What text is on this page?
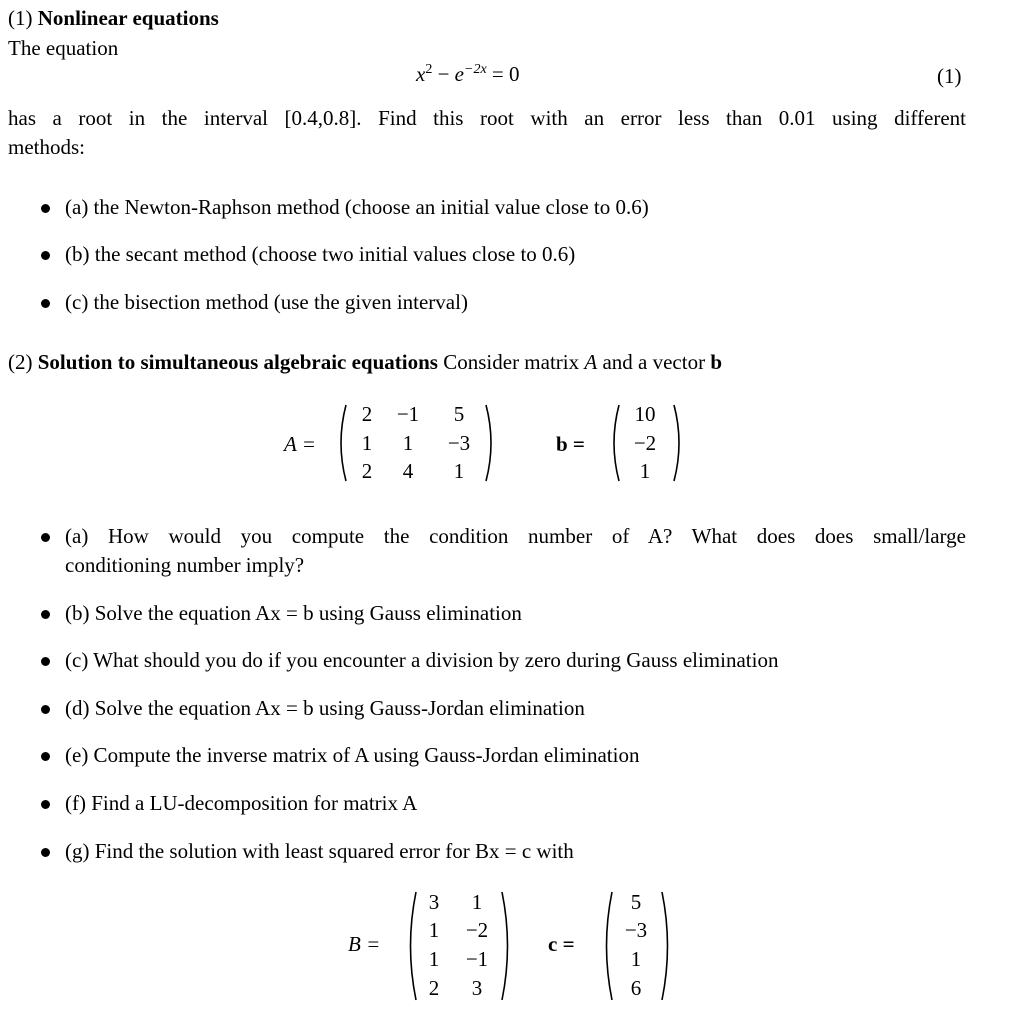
(1) Nonlinear equations
The equation
$x^2 - e^{-2x} = 0$	(1)
has a root in the interval [0.4,0.8]. Find this root with an error less than 0.01 using different
methods:
(a) the Newton-Raphson method (choose an initial value close to 0.6)
(b) the secant method (choose two initial values close to 0.6)
(c) the bisection method (use the given interval)
(2) Solution to simultaneous algebraic equations Consider matrix A and a vector b
A =
2	−1	5
1	1	−3
2	4	1
b =
10
−2
1
(a) How would you compute the condition number of A? What does does small/large
conditioning number imply?
(b) Solve the equation Ax = b using Gauss elimination
(c) What should you do if you encounter a division by zero during Gauss elimination
(d) Solve the equation Ax = b using Gauss-Jordan elimination
(e) Compute the inverse matrix of A using Gauss-Jordan elimination
(f) Find a LU-decomposition for matrix A
(g) Find the solution with least squared error for Bx = c with
B =
3	1
1	−2
1	−1
2	3
c =
5
−3
1
6
